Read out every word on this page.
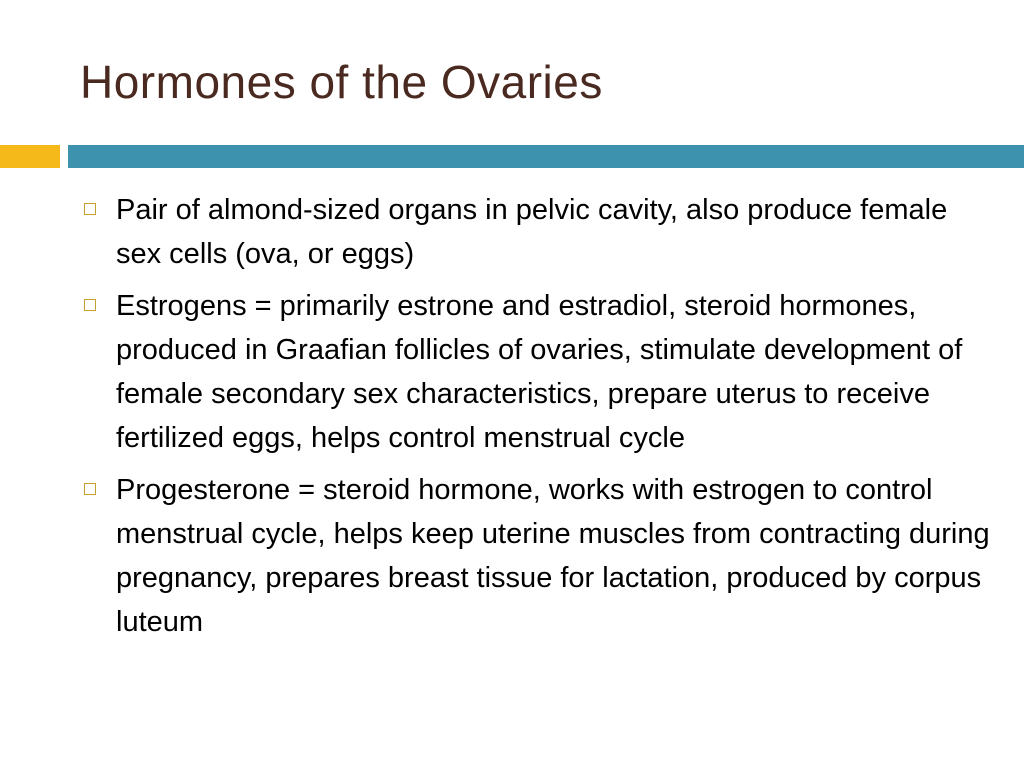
Hormones of the Ovaries
Pair of almond-sized organs in pelvic cavity, also produce female sex cells (ova, or eggs)
Estrogens = primarily estrone and estradiol, steroid hormones, produced in Graafian follicles of ovaries, stimulate development of female secondary sex characteristics, prepare uterus to receive fertilized eggs, helps control menstrual cycle
Progesterone = steroid hormone, works with estrogen to control menstrual cycle, helps keep uterine muscles from contracting during pregnancy, prepares breast tissue for lactation, produced by corpus luteum
